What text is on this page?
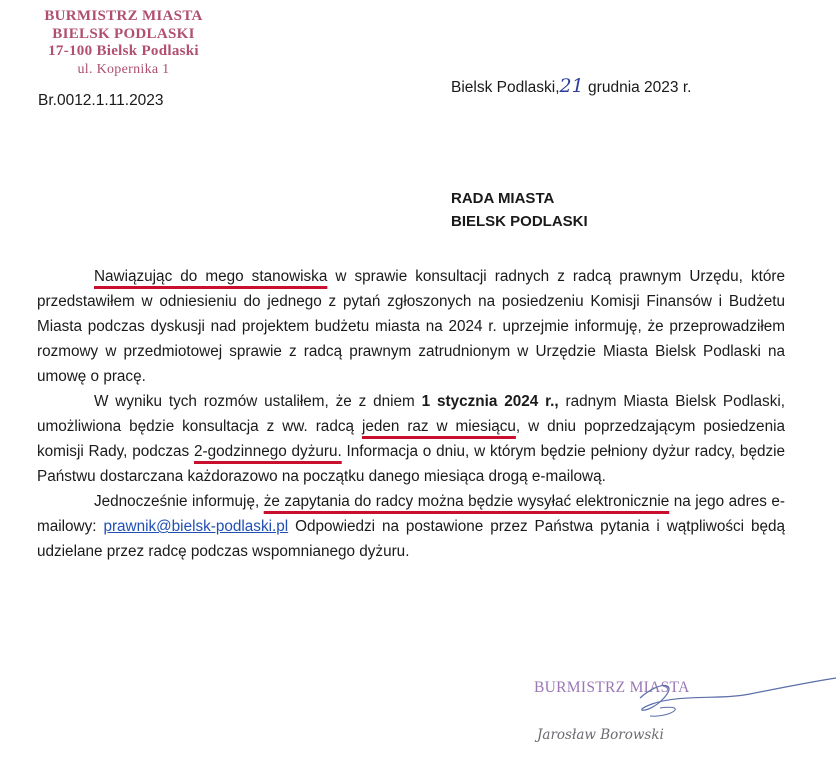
BURMISTRZ MIASTA
BIELSK PODLASKI
17-100 Bielsk Podlaski
ul. Kopernika 1
Br.0012.1.11.2023
Bielsk Podlaski,21 grudnia 2023 r.
RADA MIASTA
BIELSK PODLASKI

Nawiązując do mego stanowiska w sprawie konsultacji radnych z radcą prawnym Urzędu, które przedstawiłem w odniesieniu do jednego z pytań zgłoszonych na posiedzeniu Komisji Finansów i Budżetu Miasta podczas dyskusji nad projektem budżetu miasta na 2024 r. uprzejmie informuję, że przeprowadziłem rozmowy w przedmiotowej sprawie z radcą prawnym zatrudnionym w Urzędzie Miasta Bielsk Podlaski na umowę o pracę.

W wyniku tych rozmów ustaliłem, że z dniem 1 stycznia 2024 r., radnym Miasta Bielsk Podlaski, umożliwiona będzie konsultacja z ww. radcą jeden raz w miesiącu, w dniu poprzedzającym posiedzenia komisji Rady, podczas 2-godzinnego dyżuru. Informacja o dniu, w którym będzie pełniony dyżur radcy, będzie Państwu dostarczana każdorazowo na początku danego miesiąca drogą e-mailową.

Jednocześnie informuję, że zapytania do radcy można będzie wysyłać elektronicznie na jego adres e-mailowy: prawnik@bielsk-podlaski.pl Odpowiedzi na postawione przez Państwa pytania i wątpliwości będą udzielane przez radcę podczas wspomnianego dyżuru.

BURMISTRZ MIASTA
Jarosław Borowski
